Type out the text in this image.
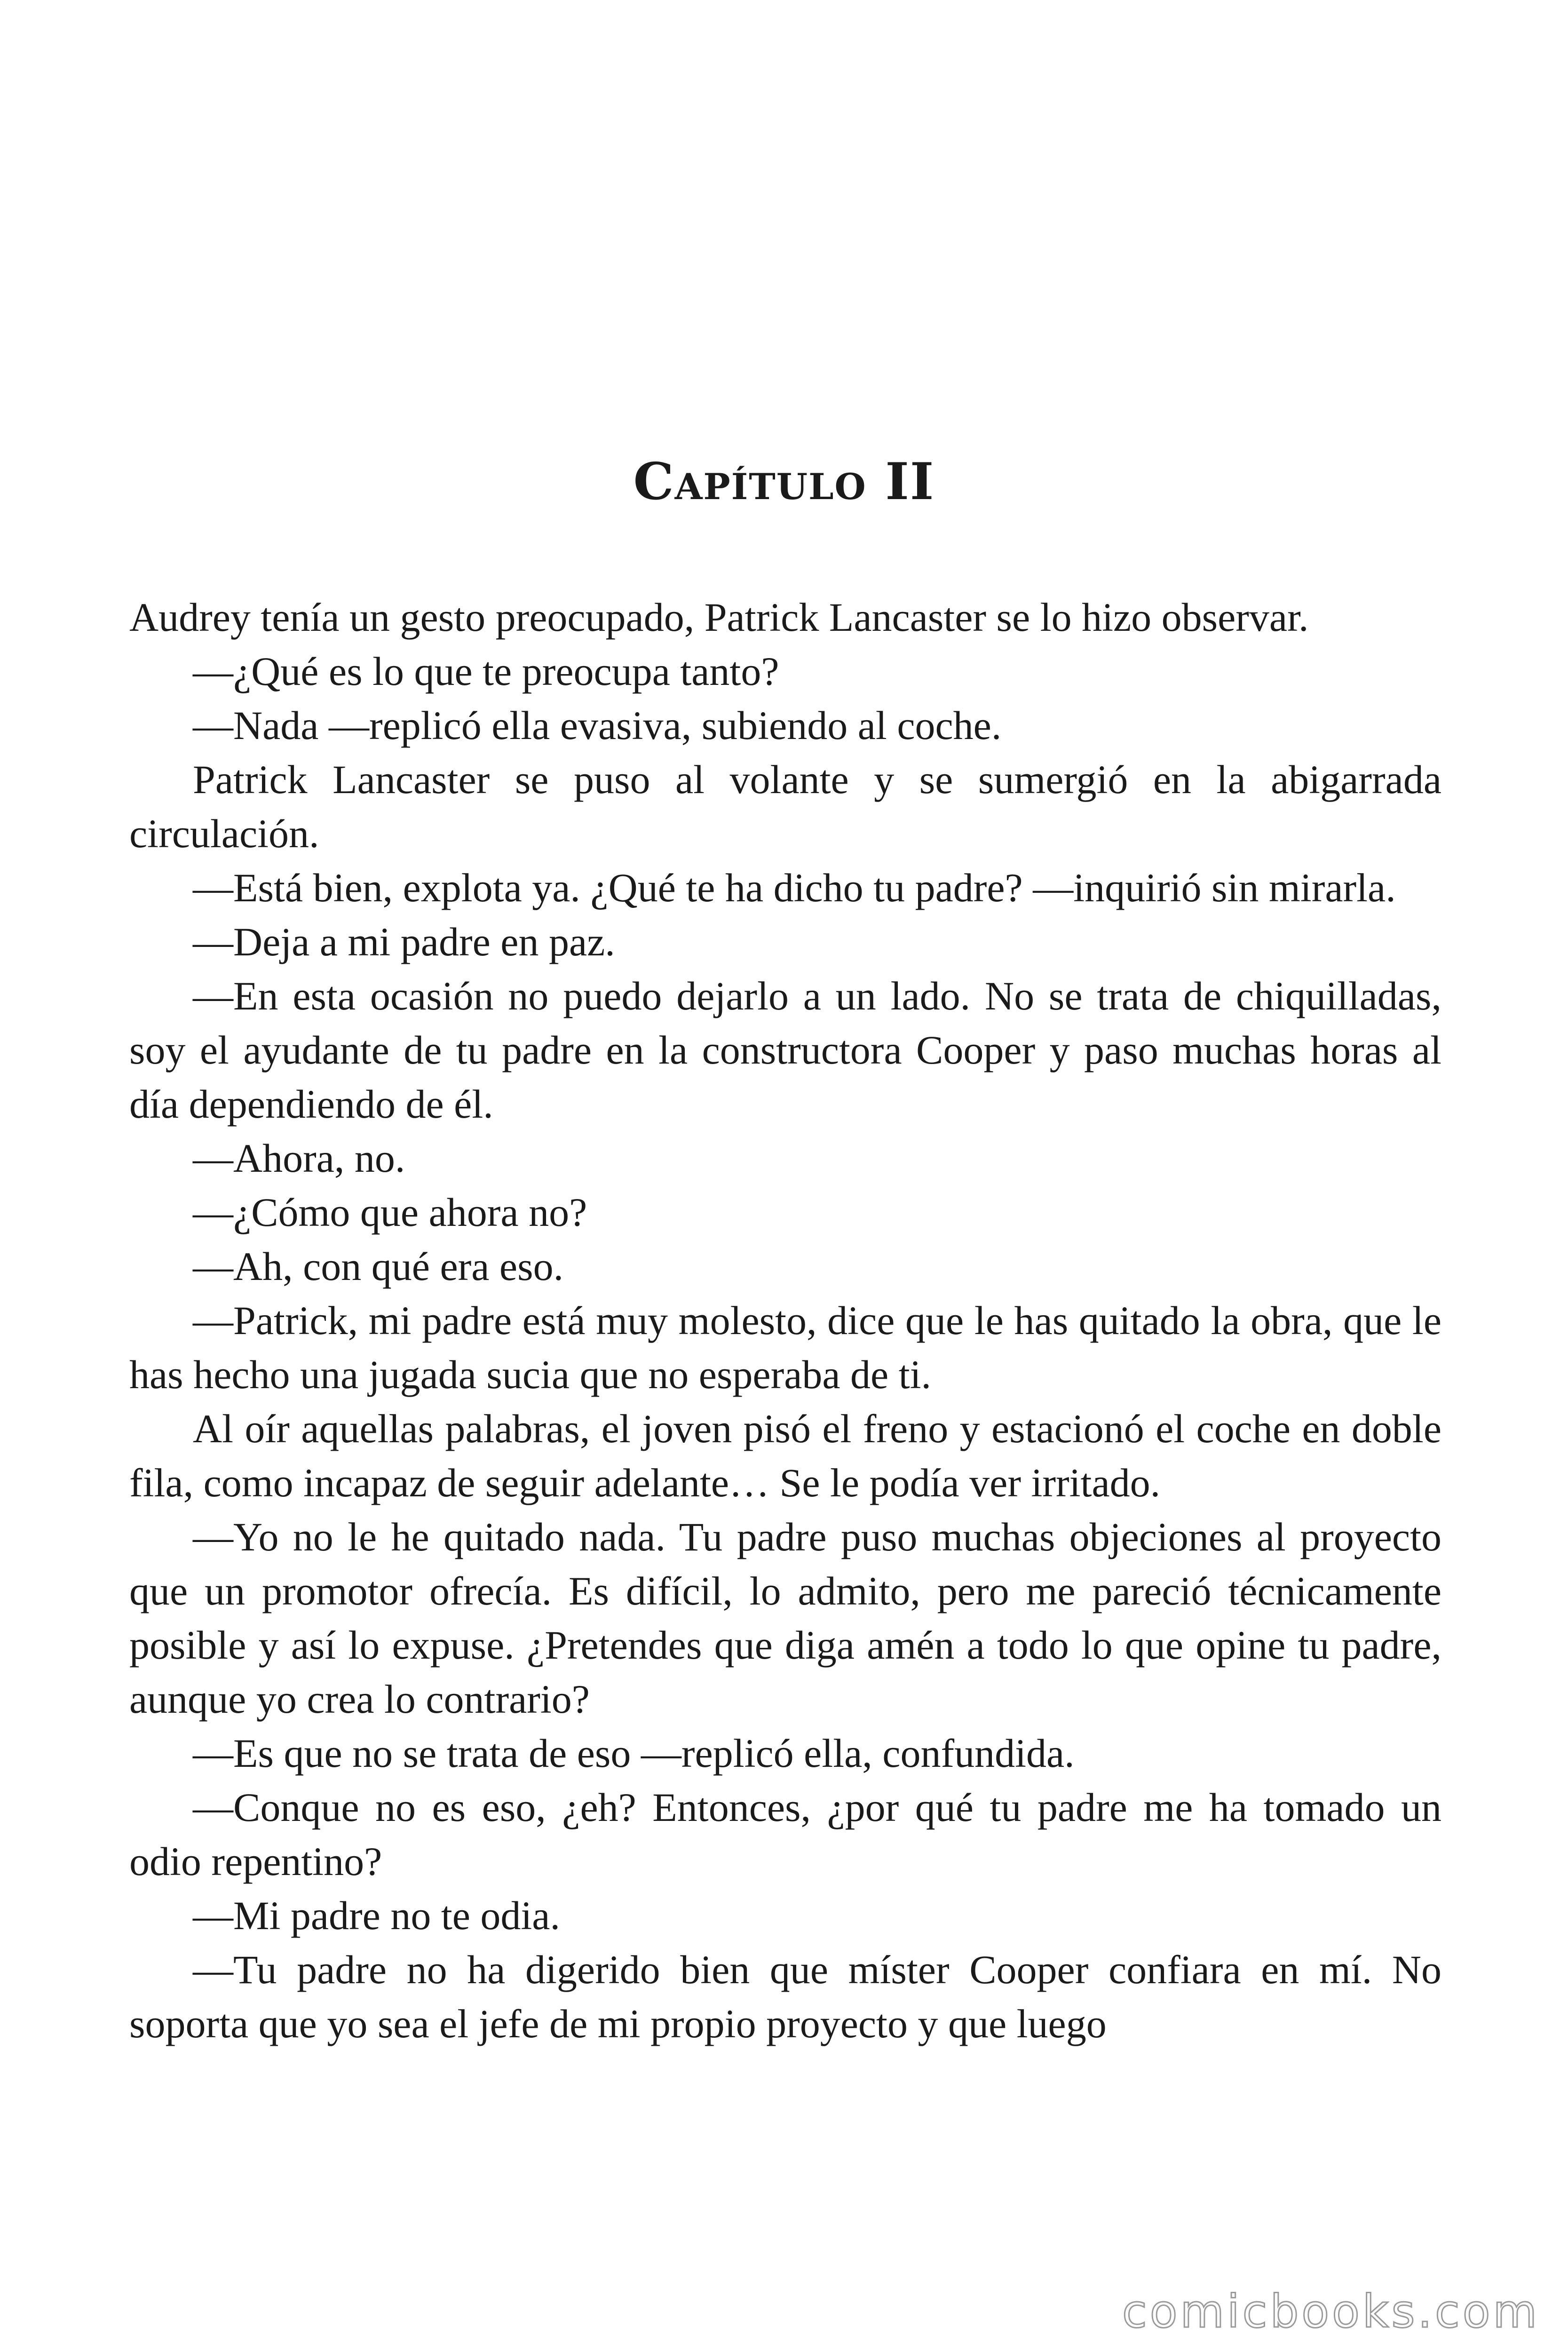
Capítulo II

Audrey tenía un gesto preocupado, Patrick Lancaster se lo hizo observar.

—¿Qué es lo que te preocupa tanto?

—Nada —replicó ella evasiva, subiendo al coche.

Patrick Lancaster se puso al volante y se sumergió en la abigarrada circulación.

—Está bien, explota ya. ¿Qué te ha dicho tu padre? —inquirió sin mirarla.

—Deja a mi padre en paz.

—En esta ocasión no puedo dejarlo a un lado. No se trata de chiquilladas, soy el ayudante de tu padre en la constructora Cooper y paso muchas horas al día dependiendo de él.

—Ahora, no.

—¿Cómo que ahora no?

—Ah, con qué era eso.

—Patrick, mi padre está muy molesto, dice que le has quitado la obra, que le has hecho una jugada sucia que no esperaba de ti.

Al oír aquellas palabras, el joven pisó el freno y estacionó el coche en doble fila, como incapaz de seguir adelante… Se le podía ver irritado.

—Yo no le he quitado nada. Tu padre puso muchas objeciones al proyecto que un promotor ofrecía. Es difícil, lo admito, pero me pareció técnicamente posible y así lo expuse. ¿Pretendes que diga amén a todo lo que opine tu padre, aunque yo crea lo contrario?

—Es que no se trata de eso —replicó ella, confundida.

—Conque no es eso, ¿eh? Entonces, ¿por qué tu padre me ha tomado un odio repentino?

—Mi padre no te odia.

—Tu padre no ha digerido bien que míster Cooper confiara en mí. No soporta que yo sea el jefe de mi propio proyecto y que luego

comicbooks.com
